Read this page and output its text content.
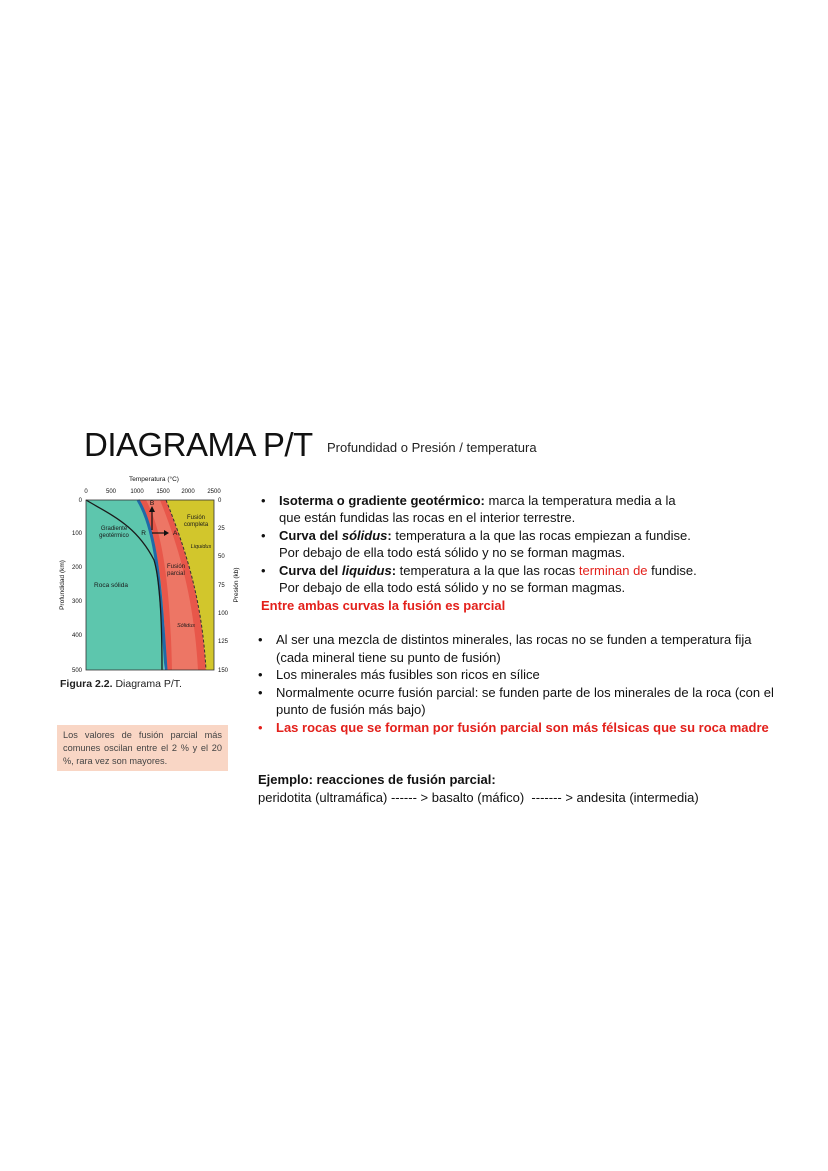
DIAGRAMA P/T Profundidad o Presión / temperatura
Temperatura (°C)
0	500 1000 1500 2000 2500
Profundidad (km)
0
100
200
300
400
500
Presión (kb)
0
25
50
75
100
125
150
Roca sólida
Gradiente
geotérmico
Fusión
parcial
Fusión
completa
Liquidus
Sólidus
B
A
R
Figura 2.2. Diagrama P/T.
Los valores de fusión parcial más comunes oscilan entre el 2 % y el 20 %, rara vez son mayores.
• Isoterma o gradiente geotérmico: marca la temperatura media a la
que están fundidas las rocas en el interior terrestre.
• Curva del sólidus: temperatura a la que las rocas empiezan a fundise.
Por debajo de ella todo está sólido y no se forman magmas.
• Curva del liquidus: temperatura a la que las rocas terminan de fundise.
Por debajo de ella todo está sólido y no se forman magmas.
Entre ambas curvas la fusión es parcial
• Al ser una mezcla de distintos minerales, las rocas no se funden a temperatura fija (cada mineral tiene su punto de fusión)
• Los minerales más fusibles son ricos en sílice
• Normalmente ocurre fusión parcial: se funden parte de los minerales de la roca (con el punto de fusión más bajo)
• Las rocas que se forman por fusión parcial son más félsicas que su roca madre
Ejemplo: reacciones de fusión parcial:
peridotita (ultramáfica) ------ > basalto (máfico)  ------- > andesita (intermedia)
